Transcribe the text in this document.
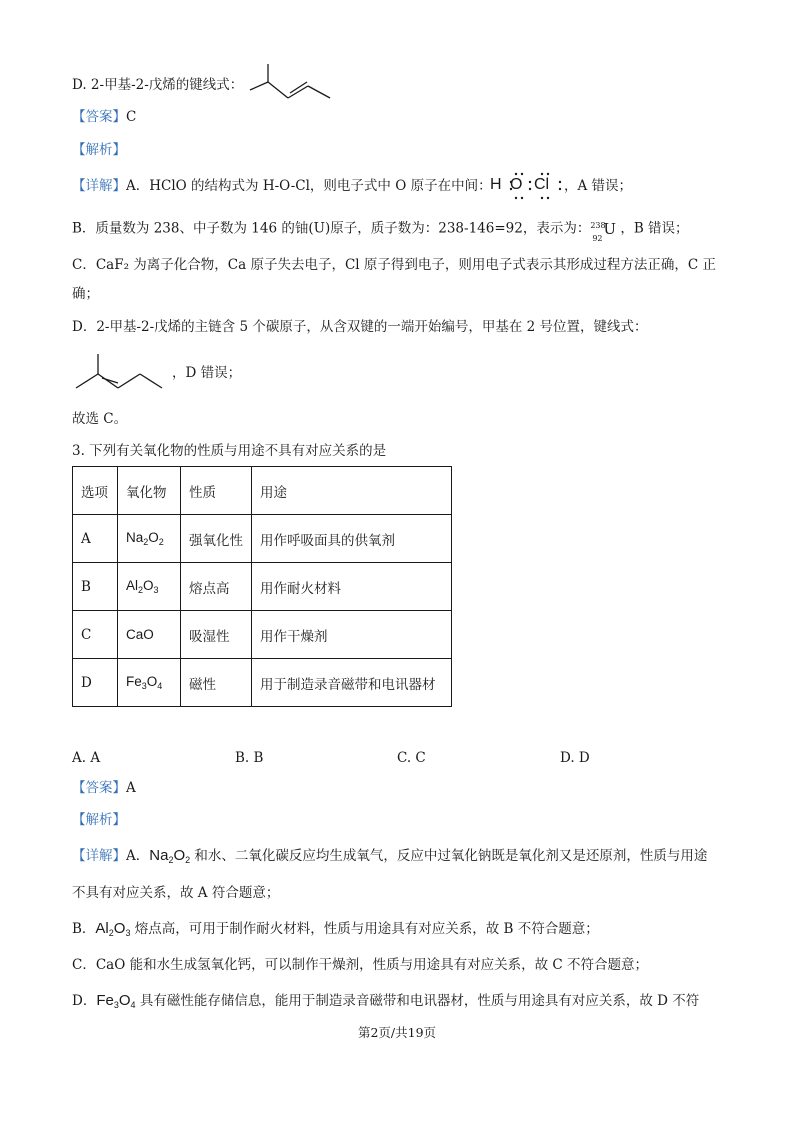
D. 2-甲基-2-戊烯的键线式：
【答案】C
【解析】
【详解】A．HClO 的结构式为 H-O-Cl，则电子式中 O 原子在中间：
H O Cl ，A 错误；
B．质量数为 238、中子数为 146 的铀(U)原子，质子数为：238-146=92，表示为： 238
92
U ，B 错误；
C．CaF₂ 为离子化合物，Ca 原子失去电子，Cl 原子得到电子，则用电子式表示其形成过程方法正确，C 正
确；
D．2-甲基-2-戊烯的主链含 5 个碳原子，从含双键的一端开始编号，甲基在 2 号位置，键线式：
，D 错误；
故选 C。
3. 下列有关氧化物的性质与用途不具有对应关系的是
选项	氧化物	性质	用途
A	$Na_2O_2$	强氧化性	用作呼吸面具的供氧剂
B	$Al_2O_3$	熔点高	用作耐火材料
C	CaO	吸湿性	用作干燥剂
D	$Fe_3O_4$	磁性	用于制造录音磁带和电讯器材
A. A	B. B	C. C	D. D
【答案】A
【解析】
【详解】A．$Na_2O_2$ 和水、二氧化碳反应均生成氧气，反应中过氧化钠既是氧化剂又是还原剂，性质与用途
不具有对应关系，故 A 符合题意；
B．$Al_2O_3$ 熔点高，可用于制作耐火材料，性质与用途具有对应关系，故 B 不符合题意；
C．CaO 能和水生成氢氧化钙，可以制作干燥剂，性质与用途具有对应关系，故 C 不符合题意；
D．$Fe_3O_4$ 具有磁性能存储信息，能用于制造录音磁带和电讯器材，性质与用途具有对应关系，故 D 不符
第2页/共19页
